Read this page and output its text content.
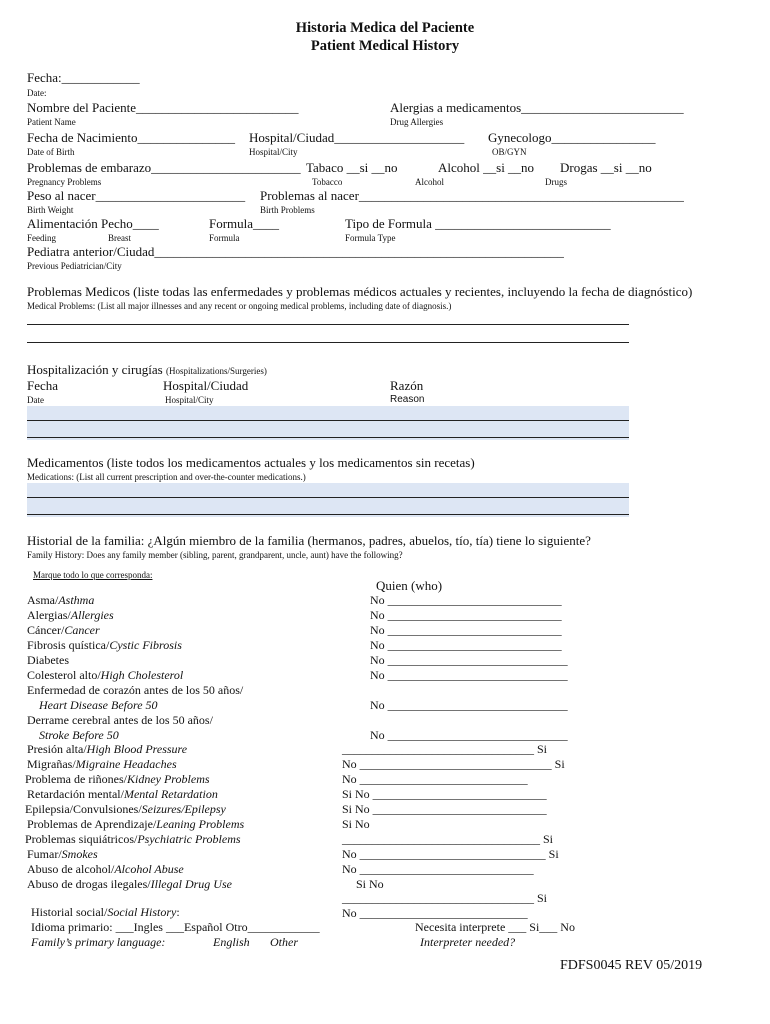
Historia Medica del Paciente
Patient Medical History
Fecha:____________
Date:
Nombre del Paciente_________________________
Patient Name
Alergias a medicamentos_________________________
Drug Allergies
Fecha de Nacimiento_______________
Date of Birth
Hospital/Ciudad____________________
Hospital/City
Gynecologo________________
OB/GYN
Problemas de embarazo_______________________
Pregnancy Problems
Tabaco __si __no
Tobacco
Alcohol __si __no
Alcohol
Drogas __si __no
Drugs
Peso al nacer_______________________
Birth Weight
Problemas al nacer__________________________________________________
Birth Problems
Alimentación Pecho____
Feeding	Breast
Formula____
Formula
Tipo de Formula ___________________________
Formula Type
Pediatra anterior/Ciudad_______________________________________________________________
Previous Pediatrician/City
Problemas Medicos (liste todas las enfermedades y problemas médicos actuales y recientes, incluyendo la fecha de diagnóstico)
Medical Problems: (List all major illnesses and any recent or ongoing medical problems, including date of diagnosis.)
Hospitalización y cirugías (Hospitalizations/Surgeries)
Fecha
Date
Hospital/Ciudad
Hospital/City
Razón
Reason
Medicamentos (liste todos los medicamentos actuales y los medicamentos sin recetas)
Medications: (List all current prescription and over-the-counter medications.)
Historial de la familia: ¿Algún miembro de la familia (hermanos, padres, abuelos, tío, tía) tiene lo siguiente?
Family History: Does any family member (sibling, parent, grandparent, uncle, aunt) have the following?
Marque todo lo que corresponda:
Quien (who)
Asma/Asthma
Alergias/Allergies
Cáncer/Cancer
Fibrosis quística/Cystic Fibrosis
Diabetes
Colesterol alto/High Cholesterol
Enfermedad de corazón antes de los 50 años/
Heart Disease Before 50
Derrame cerebral antes de los 50 años/
Stroke Before 50
Presión alta/High Blood Pressure
Migrañas/Migraine Headaches
Problema de riñones/Kidney Problems
Retardación mental/Mental Retardation
Epilepsia/Convulsiones/Seizures/Epilepsy
Problemas de Aprendizaje/Leaning Problems
Problemas siquiátricos/Psychiatric Problems
Fumar/Smokes
Abuso de alcohol/Alcohol Abuse
Abuso de drogas ilegales/Illegal Drug Use
No _____________________________
No _____________________________
No _____________________________
No _____________________________
No ______________________________
No ______________________________
No ______________________________
No ______________________________
________________________________ Si
No ________________________________ Si
No ____________________________
Si No _____________________________
Si No _____________________________
Si No
_________________________________ Si
No _______________________________ Si
No _____________________________
Si No
________________________________ Si
No ____________________________
Historial social/Social History:
Idioma primario: ___Ingles ___Español Otro____________
Family’s primary language:	English Other
Necesita interprete ___ Si___ No
Interpreter needed?
FDFS0045 REV 05/2019
